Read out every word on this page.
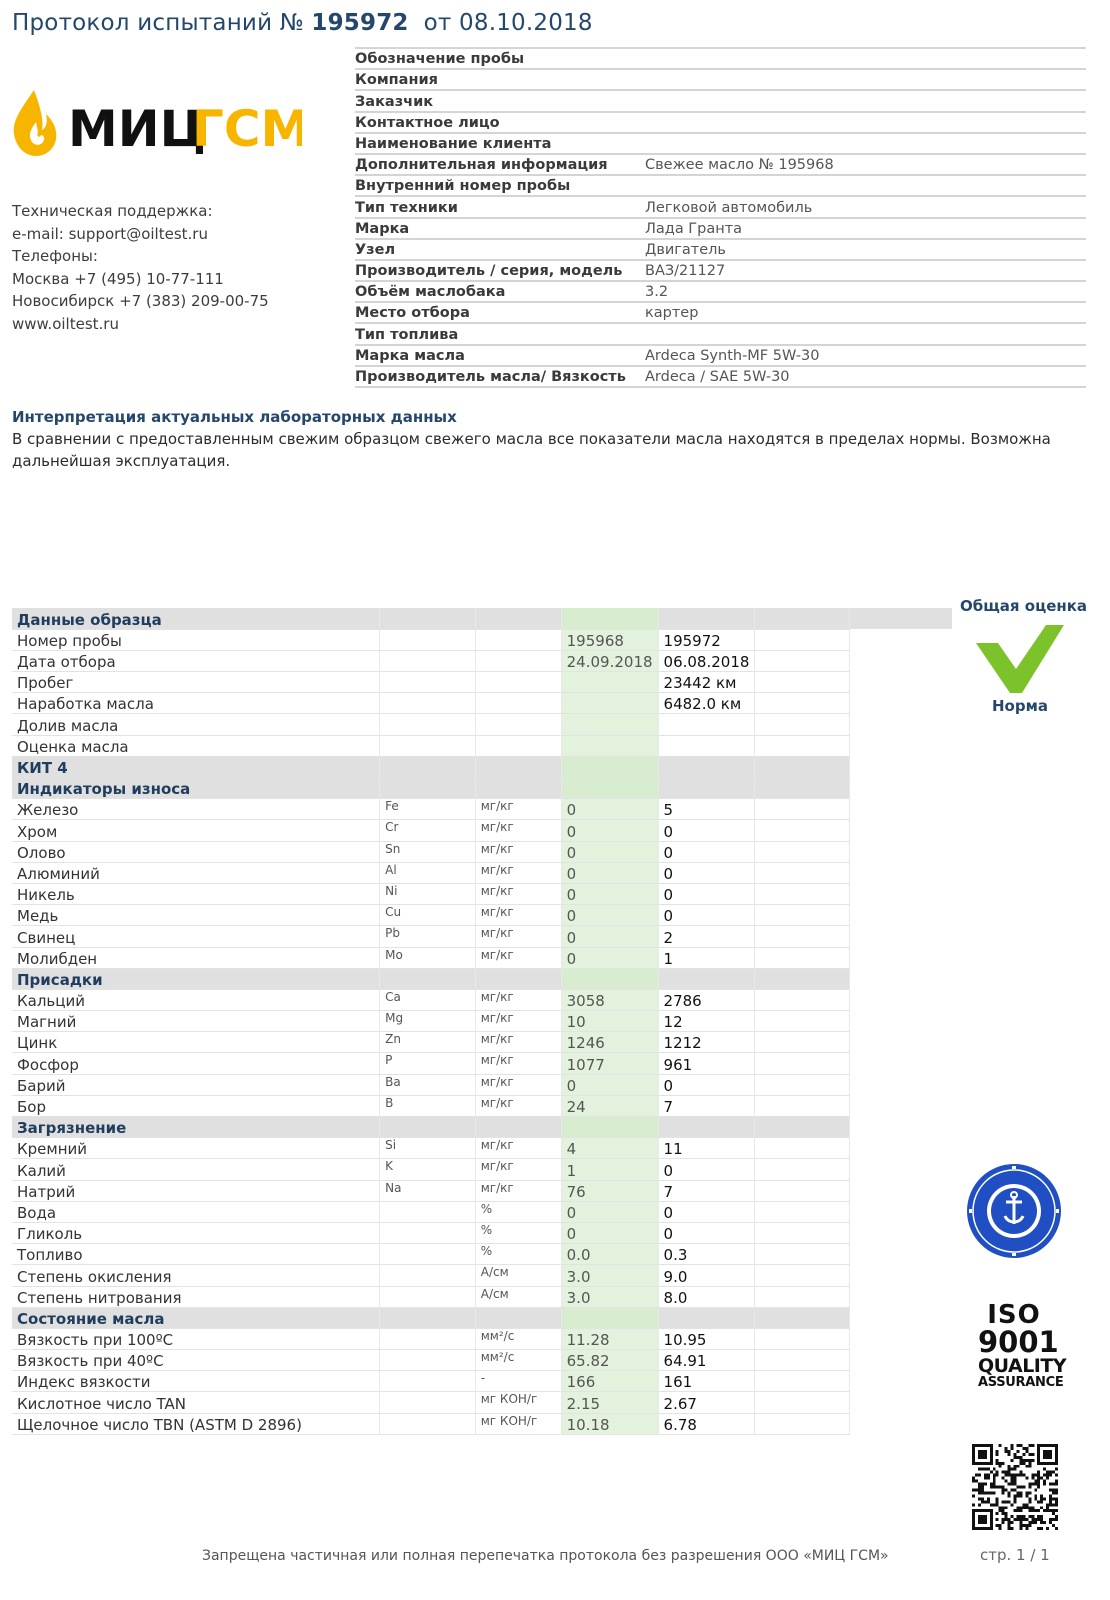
Протокол испытаний № 195972 от 08.10.2018
МИЦ
ГСМ
Техническая поддержка:
e-mail: support@oiltest.ru
Телефоны:
Москва +7 (495) 10-77-111
Новосибирск +7 (383) 209-00-75
www.oiltest.ru
Обозначение пробы
Компания
Заказчик
Контактное лицо
Наименование клиента
Дополнительная информация	Свежее масло № 195968
Внутренний номер пробы
Тип техники	Легковой автомобиль
Марка	Лада Гранта
Узел	Двигатель
Производитель / серия, модель	ВАЗ/21127
Объём маслобака	3.2
Место отбора	картер
Тип топлива
Марка масла	Ardeca Synth-MF 5W-30
Производитель масла/ Вязкость	Ardeca / SAE 5W-30
Интерпретация актуальных лабораторных данных
В сравнении с предоставленным свежим образцом свежего масла все показатели масла находятся в пределах нормы. Возможна дальнейшая эксплуатация.
Данные образца						
Номер пробы			195968	195972		
Дата отбора			24.09.2018	06.08.2018		
Пробег				23442 км		
Наработка масла				6482.0 км		
Долив масла						
Оценка масла						
КИТ 4						
Индикаторы износа						
Железо	Fe	мг/кг	0	5		
Хром	Cr	мг/кг	0	0		
Олово	Sn	мг/кг	0	0		
Алюминий	Al	мг/кг	0	0		
Никель	Ni	мг/кг	0	0		
Медь	Cu	мг/кг	0	0		
Свинец	Pb	мг/кг	0	2		
Молибден	Mo	мг/кг	0	1		
Присадки						
Кальций	Ca	мг/кг	3058	2786		
Магний	Mg	мг/кг	10	12		
Цинк	Zn	мг/кг	1246	1212		
Фосфор	P	мг/кг	1077	961		
Барий	Ba	мг/кг	0	0		
Бор	B	мг/кг	24	7		
Загрязнение						
Кремний	Si	мг/кг	4	11		
Калий	K	мг/кг	1	0		
Натрий	Na	мг/кг	76	7		
Вода		%	0	0		
Гликоль		%	0	0		
Топливо		%	0.0	0.3		
Степень окисления		А/см	3.0	9.0		
Степень нитрования		А/см	3.0	8.0		
Состояние масла						
Вязкость при 100ºC		мм²/с	11.28	10.95		
Вязкость при 40ºC		мм²/с	65.82	64.91		
Индекс вязкости		-	166	161		
Кислотное число TAN		мг КОН/г	2.15	2.67		
Щелочное число TBN (ASTM D 2896)		мг КОН/г	10.18	6.78		
Общая оценка
Норма
ISO
9001
QUALITY
ASSURANCE
Запрещена частичная или полная перепечатка протокола без разрешения ООО «МИЦ ГСМ»	стр. 1 / 1
